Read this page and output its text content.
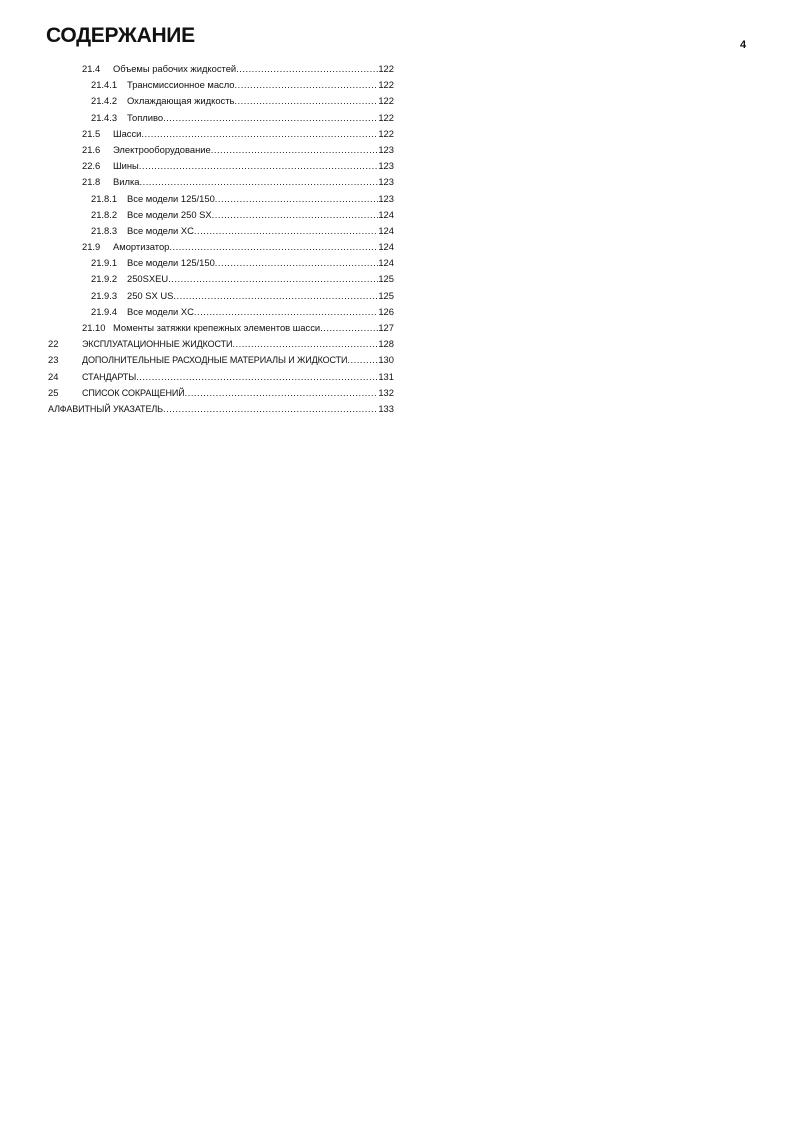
СОДЕРЖАНИЕ	4
21.4	Объемы рабочих жидкостей .....	122
21.4.1	Трансмиссионное масло .....	122
21.4.2	Охлаждающая жидкость .....	122
21.4.3	Топливо .....	122
21.5	Шасси .....	122
21.6	Электрооборудование .....	123
22.6	Шины .....	123
21.8	Вилка .....	123
21.8.1	Все модели 125/150 .....	123
21.8.2	Все модели 250 SX .....	124
21.8.3	Все модели XC .....	124
21.9	Амортизатор .....	124
21.9.1	Все модели 125/150 .....	124
21.9.2	250SXEU .....	125
21.9.3	250 SX US .....	125
21.9.4	Все модели XC .....	126
21.10 Моменты затяжки крепежных элементов шасси .....	127
22	ЭКСПЛУАТАЦИОННЫЕ ЖИДКОСТИ .....	128
23	ДОПОЛНИТЕЛЬНЫЕ РАСХОДНЫЕ МАТЕРИАЛЫ И ЖИДКОСТИ .....	130
24	СТАНДАРТЫ .....	131
25	СПИСОК СОКРАЩЕНИЙ .....	132
АЛФАВИТНЫЙ УКАЗАТЕЛЬ .....	133
